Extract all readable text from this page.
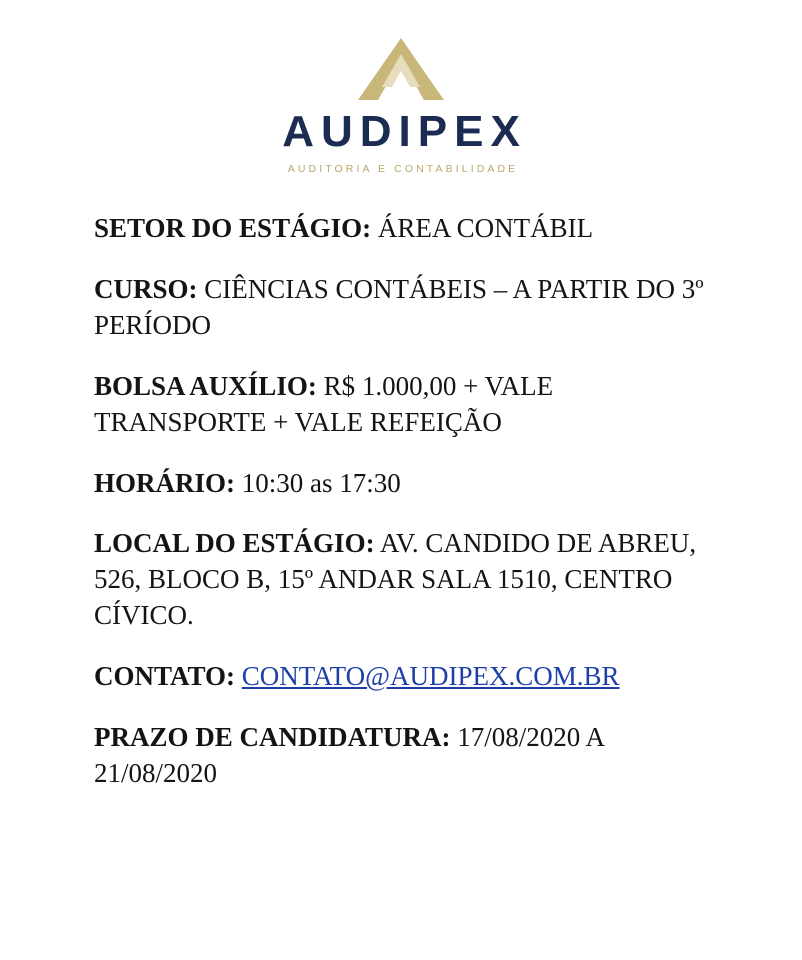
AUDIPEX
AUDITORIA E CONTABILIDADE

SETOR DO ESTÁGIO: ÁREA CONTÁBIL

CURSO: CIÊNCIAS CONTÁBEIS – A PARTIR DO 3º PERÍODO

BOLSA AUXÍLIO: R$ 1.000,00 + VALE TRANSPORTE + VALE REFEIÇÃO

HORÁRIO: 10:30 as 17:30

LOCAL DO ESTÁGIO: AV. CANDIDO DE ABREU, 526, BLOCO B, 15º ANDAR SALA 1510, CENTRO CÍVICO.

CONTATO: CONTATO@AUDIPEX.COM.BR

PRAZO DE CANDIDATURA: 17/08/2020 A 21/08/2020
